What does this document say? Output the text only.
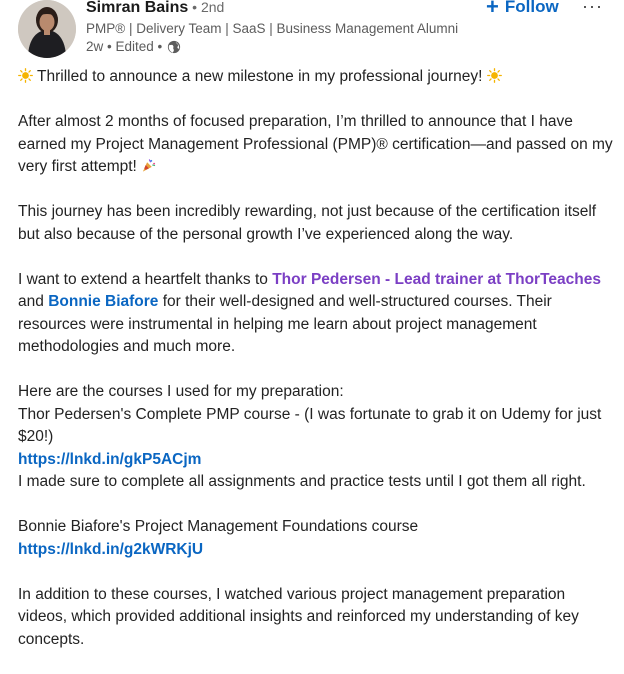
Simran Bains • 2nd
PMP® | Delivery Team | SaaS | Business Management Alumni
2w • Edited •
+ Follow ···

Thrilled to announce a new milestone in my professional journey!

After almost 2 months of focused preparation, I’m thrilled to announce that I have earned my Project Management Professional (PMP)® certification—and passed on my very first attempt!

This journey has been incredibly rewarding, not just because of the certification itself but also because of the personal growth I’ve experienced along the way.

I want to extend a heartfelt thanks to Thor Pedersen - Lead trainer at ThorTeaches and Bonnie Biafore for their well-designed and well-structured courses. Their resources were instrumental in helping me learn about project management methodologies and much more.

Here are the courses I used for my preparation:
Thor Pedersen's Complete PMP course - (I was fortunate to grab it on Udemy for just $20!)
https://lnkd.in/gkP5ACjm
I made sure to complete all assignments and practice tests until I got them all right.

Bonnie Biafore's Project Management Foundations course
https://lnkd.in/g2kWRKjU

In addition to these courses, I watched various project management preparation videos, which provided additional insights and reinforced my understanding of key concepts.
